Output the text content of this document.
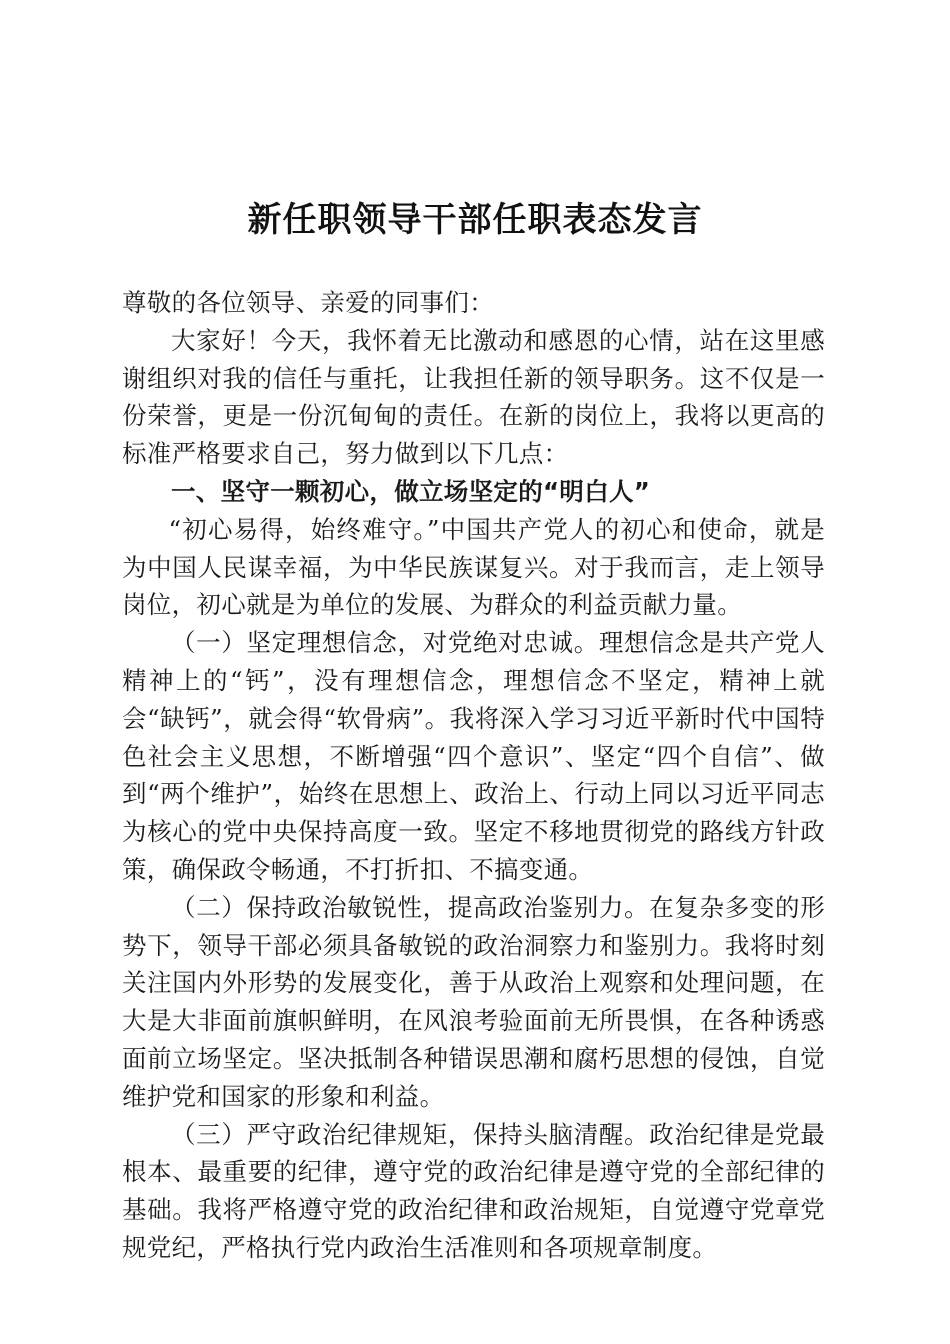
新任职领导干部任职表态发言

尊敬的各位领导、亲爱的同事们：

大家好！今天，我怀着无比激动和感恩的心情，站在这里感谢组织对我的信任与重托，让我担任新的领导职务。这不仅是一份荣誉，更是一份沉甸甸的责任。在新的岗位上，我将以更高的标准严格要求自己，努力做到以下几点：

一、坚守一颗初心，做立场坚定的“明白人”

“初心易得，始终难守。”中国共产党人的初心和使命，就是为中国人民谋幸福，为中华民族谋复兴。对于我而言，走上领导岗位，初心就是为单位的发展、为群众的利益贡献力量。

（一）坚定理想信念，对党绝对忠诚。理想信念是共产党人精神上的“钙”，没有理想信念，理想信念不坚定，精神上就会“缺钙”，就会得“软骨病”。我将深入学习习近平新时代中国特色社会主义思想，不断增强“四个意识”、坚定“四个自信”、做到“两个维护”，始终在思想上、政治上、行动上同以习近平同志为核心的党中央保持高度一致。坚定不移地贯彻党的路线方针政策，确保政令畅通，不打折扣、不搞变通。

（二）保持政治敏锐性，提高政治鉴别力。在复杂多变的形势下，领导干部必须具备敏锐的政治洞察力和鉴别力。我将时刻关注国内外形势的发展变化，善于从政治上观察和处理问题，在大是大非面前旗帜鲜明，在风浪考验面前无所畏惧，在各种诱惑面前立场坚定。坚决抵制各种错误思潮和腐朽思想的侵蚀，自觉维护党和国家的形象和利益。

（三）严守政治纪律规矩，保持头脑清醒。政治纪律是党最根本、最重要的纪律，遵守党的政治纪律是遵守党的全部纪律的基础。我将严格遵守党的政治纪律和政治规矩，自觉遵守党章党规党纪，严格执行党内政治生活准则和各项规章制度。
